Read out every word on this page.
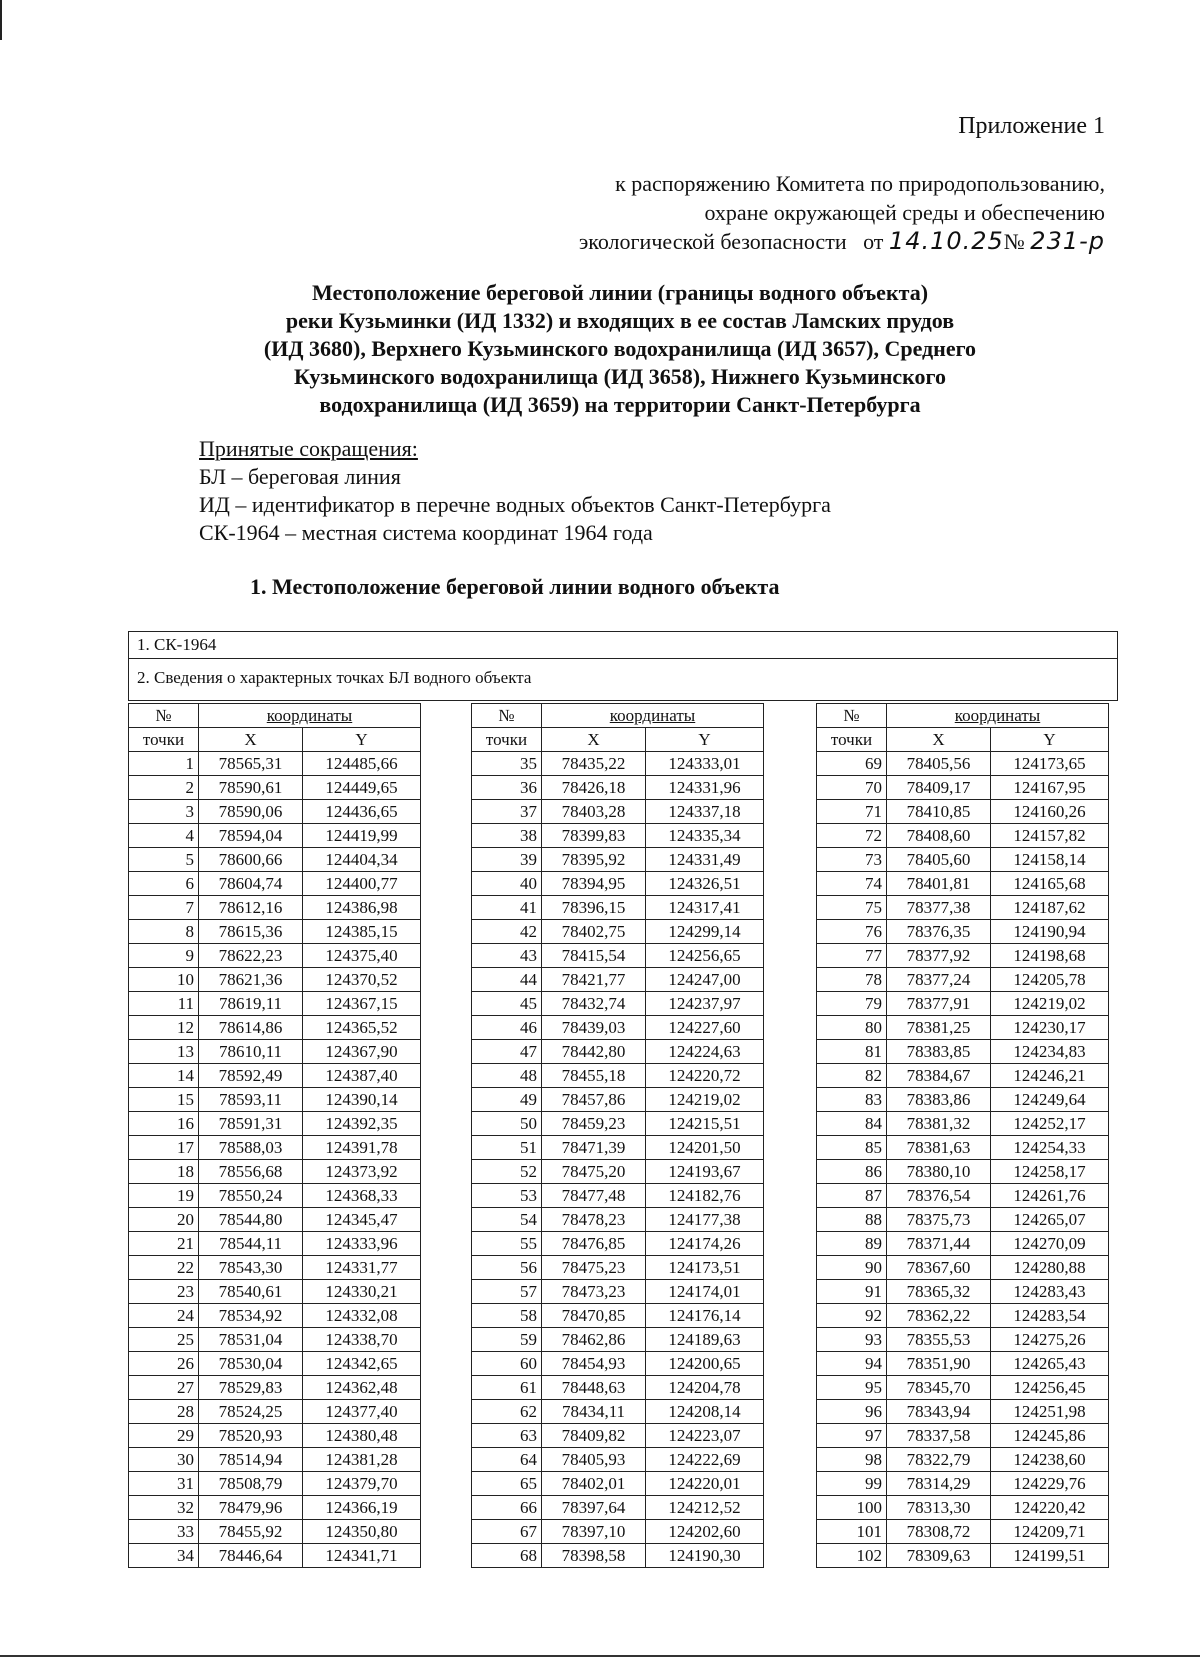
Приложение 1
к распоряжению Комитета по природопользованию,
охране окружающей среды и обеспечению
экологической безопасности от 14.10.25№ 231-р
Местоположение береговой линии (границы водного объекта)
реки Кузьминки (ИД 1332) и входящих в ее состав Ламских прудов
(ИД 3680), Верхнего Кузьминского водохранилища (ИД 3657), Среднего
Кузьминского водохранилища (ИД 3658), Нижнего Кузьминского
водохранилища (ИД 3659) на территории Санкт-Петербурга
Принятые сокращения:
БЛ – береговая линия
ИД – идентификатор в перечне водных объектов Санкт-Петербурга
СК-1964 – местная система координат 1964 года
1. Местоположение береговой линии водного объекта
1. СК-1964
2. Сведения о характерных точках БЛ водного объекта
№	координаты	
точки	X	Y
1	78565,31	124485,66
2	78590,61	124449,65
3	78590,06	124436,65
4	78594,04	124419,99
5	78600,66	124404,34
6	78604,74	124400,77
7	78612,16	124386,98
8	78615,36	124385,15
9	78622,23	124375,40
10	78621,36	124370,52
11	78619,11	124367,15
12	78614,86	124365,52
13	78610,11	124367,90
14	78592,49	124387,40
15	78593,11	124390,14
16	78591,31	124392,35
17	78588,03	124391,78
18	78556,68	124373,92
19	78550,24	124368,33
20	78544,80	124345,47
21	78544,11	124333,96
22	78543,30	124331,77
23	78540,61	124330,21
24	78534,92	124332,08
25	78531,04	124338,70
26	78530,04	124342,65
27	78529,83	124362,48
28	78524,25	124377,40
29	78520,93	124380,48
30	78514,94	124381,28
31	78508,79	124379,70
32	78479,96	124366,19
33	78455,92	124350,80
34	78446,64	124341,71
№	координаты	
точки	X	Y
35	78435,22	124333,01
36	78426,18	124331,96
37	78403,28	124337,18
38	78399,83	124335,34
39	78395,92	124331,49
40	78394,95	124326,51
41	78396,15	124317,41
42	78402,75	124299,14
43	78415,54	124256,65
44	78421,77	124247,00
45	78432,74	124237,97
46	78439,03	124227,60
47	78442,80	124224,63
48	78455,18	124220,72
49	78457,86	124219,02
50	78459,23	124215,51
51	78471,39	124201,50
52	78475,20	124193,67
53	78477,48	124182,76
54	78478,23	124177,38
55	78476,85	124174,26
56	78475,23	124173,51
57	78473,23	124174,01
58	78470,85	124176,14
59	78462,86	124189,63
60	78454,93	124200,65
61	78448,63	124204,78
62	78434,11	124208,14
63	78409,82	124223,07
64	78405,93	124222,69
65	78402,01	124220,01
66	78397,64	124212,52
67	78397,10	124202,60
68	78398,58	124190,30
№	координаты	
точки	X	Y
69	78405,56	124173,65
70	78409,17	124167,95
71	78410,85	124160,26
72	78408,60	124157,82
73	78405,60	124158,14
74	78401,81	124165,68
75	78377,38	124187,62
76	78376,35	124190,94
77	78377,92	124198,68
78	78377,24	124205,78
79	78377,91	124219,02
80	78381,25	124230,17
81	78383,85	124234,83
82	78384,67	124246,21
83	78383,86	124249,64
84	78381,32	124252,17
85	78381,63	124254,33
86	78380,10	124258,17
87	78376,54	124261,76
88	78375,73	124265,07
89	78371,44	124270,09
90	78367,60	124280,88
91	78365,32	124283,43
92	78362,22	124283,54
93	78355,53	124275,26
94	78351,90	124265,43
95	78345,70	124256,45
96	78343,94	124251,98
97	78337,58	124245,86
98	78322,79	124238,60
99	78314,29	124229,76
100	78313,30	124220,42
101	78308,72	124209,71
102	78309,63	124199,51
